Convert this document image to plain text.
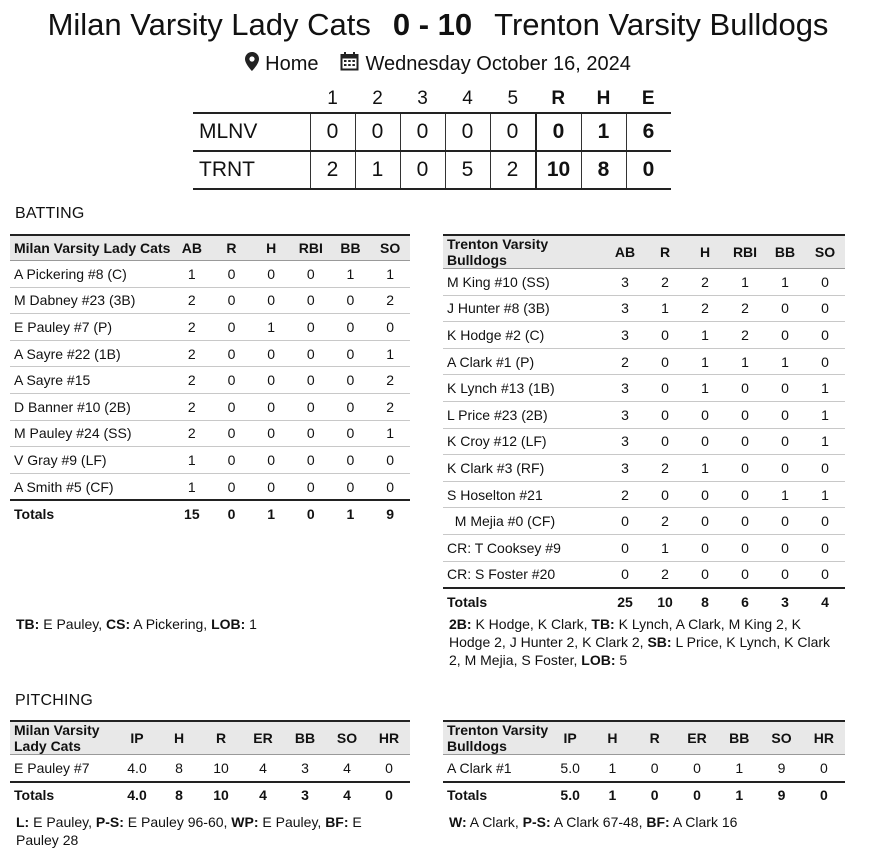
Milan Varsity Lady Cats 0 - 10 Trenton Varsity Bulldogs
Home Wednesday October 16, 2024
	1	2	3	4	5	R	H	E
MLNV	0	0	0	0	0	0	1	6
TRNT	2	1	0	5	2	10	8	0
BATTING
Milan Varsity Lady Cats	AB	R	H	RBI	BB	SO
A Pickering #8 (C)	1	0	0	0	1	1
M Dabney #23 (3B)	2	0	0	0	0	2
E Pauley #7 (P)	2	0	1	0	0	0
A Sayre #22 (1B)	2	0	0	0	0	1
A Sayre #15	2	0	0	0	0	2
D Banner #10 (2B)	2	0	0	0	0	2
M Pauley #24 (SS)	2	0	0	0	0	1
V Gray #9 (LF)	1	0	0	0	0	0
A Smith #5 (CF)	1	0	0	0	0	0
Totals	15	0	1	0	1	9
Trenton Varsity Bulldogs	AB	R	H	RBI	BB	SO
M King #10 (SS)	3	2	2	1	1	0
J Hunter #8 (3B)	3	1	2	2	0	0
K Hodge #2 (C)	3	0	1	2	0	0
A Clark #1 (P)	2	0	1	1	1	0
K Lynch #13 (1B)	3	0	1	0	0	1
L Price #23 (2B)	3	0	0	0	0	1
K Croy #12 (LF)	3	0	0	0	0	1
K Clark #3 (RF)	3	2	1	0	0	0
S Hoselton #21	2	0	0	0	1	1
M Mejia #0 (CF)	0	2	0	0	0	0
CR: T Cooksey #9	0	1	0	0	0	0
CR: S Foster #20	0	2	0	0	0	0
Totals	25	10	8	6	3	4
TB: E Pauley, CS: A Pickering, LOB: 1	2B: K Hodge, K Clark, TB: K Lynch, A Clark, M King 2, K Hodge 2, J Hunter 2, K Clark 2, SB: L Price, K Lynch, K Clark 2, M Mejia, S Foster, LOB: 5
PITCHING
Milan Varsity Lady Cats	IP	H	R	ER	BB	SO	HR
E Pauley #7	4.0	8	10	4	3	4	0
Totals	4.0	8	10	4	3	4	0
Trenton Varsity Bulldogs	IP	H	R	ER	BB	SO	HR
A Clark #1	5.0	1	0	0	1	9	0
Totals	5.0	1	0	0	1	9	0
L: E Pauley, P-S: E Pauley 96-60, WP: E Pauley, BF: E Pauley 28
W: A Clark, P-S: A Clark 67-48, BF: A Clark 16
